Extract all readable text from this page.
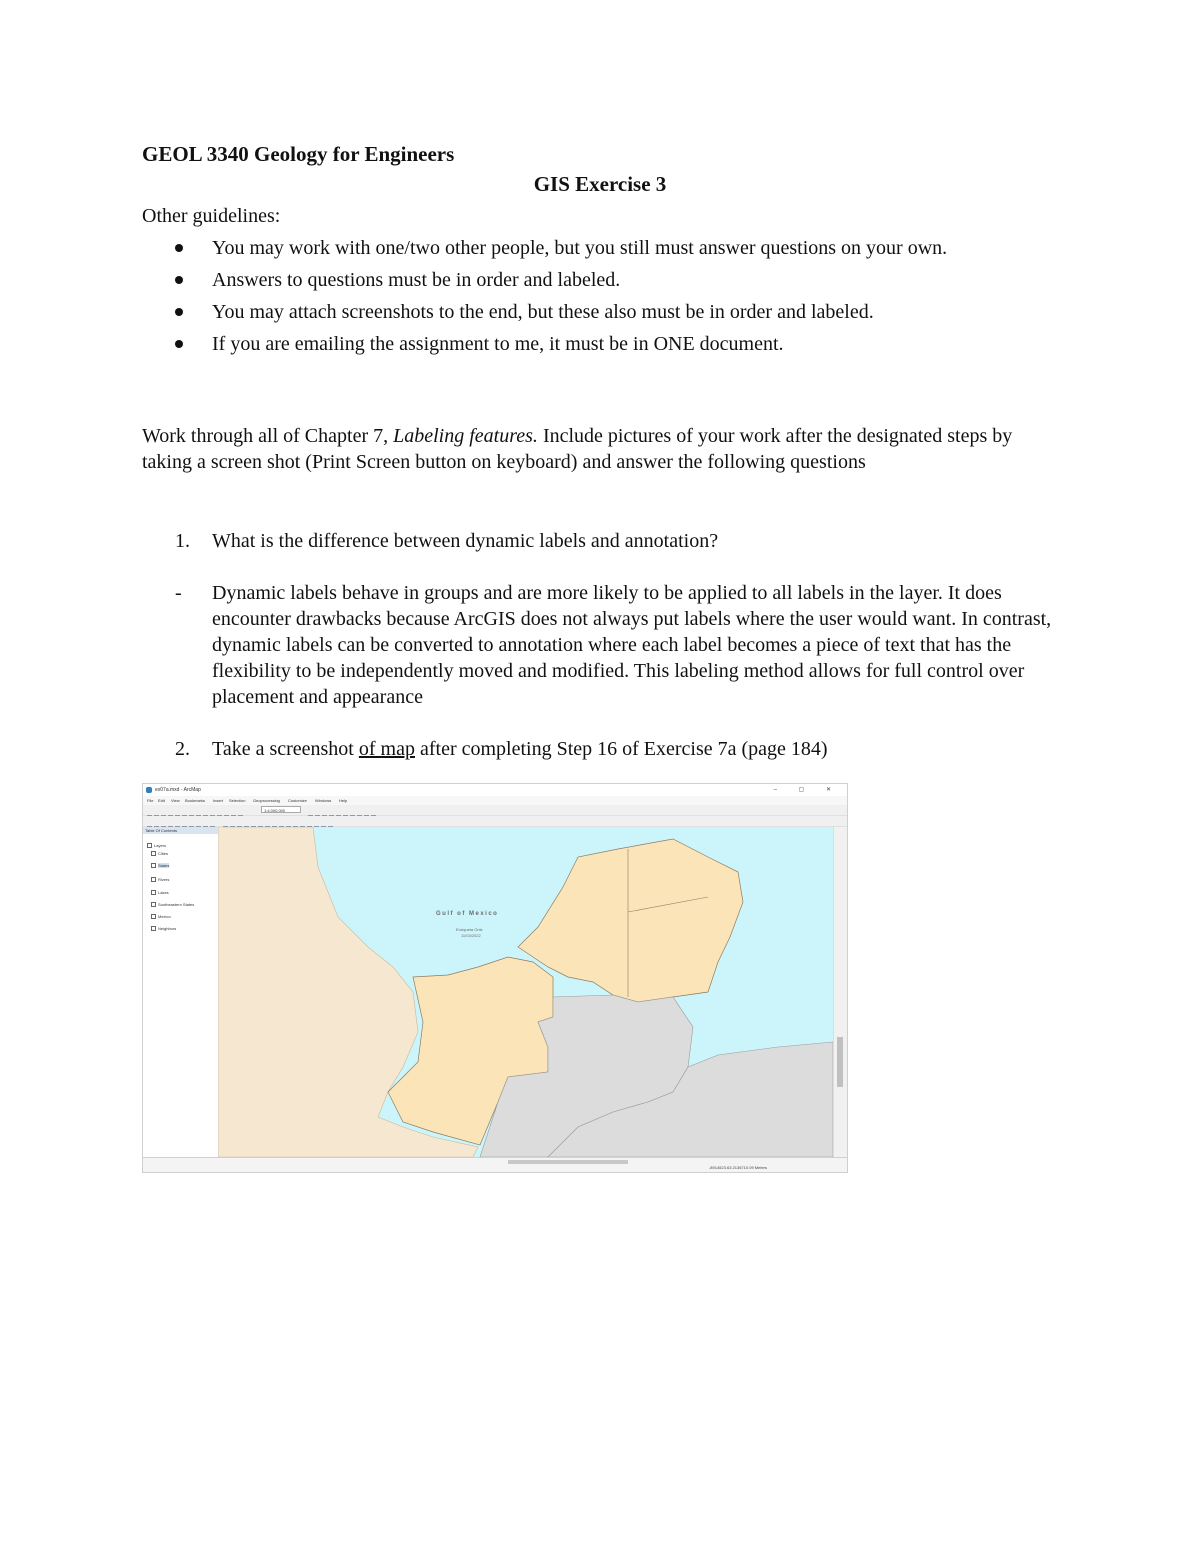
GEOL 3340 Geology for Engineers
GIS Exercise 3
Other guidelines:
You may work with one/two other people, but you still must answer questions on your own.
Answers to questions must be in order and labeled.
You may attach screenshots to the end, but these also must be in order and labeled.
If you are emailing the assignment to me, it must be in ONE document.
Work through all of Chapter 7, Labeling features. Include pictures of your work after the designated steps by taking a screen shot (Print Screen button on keyboard) and answer the following questions
1. What is the difference between dynamic labels and annotation?
- Dynamic labels behave in groups and are more likely to be applied to all labels in the layer. It does encounter drawbacks because ArcGIS does not always put labels where the user would want. In contrast, dynamic labels can be converted to annotation where each label becomes a piece of text that has the flexibility to be independently moved and modified. This labeling method allows for full control over placement and appearance
2. Take a screenshot of map after completing Step 16 of Exercise 7a (page 184)
ex07a.mxd - ArcMap	– ▢ ✕
File Edit View Bookmarks Insert Selection Geoprocessing Customize Windows Help
1:4,000,000
Table Of Contents
Layers
Cities
States
Rivers
Lakes
Southeastern States
Mexico
Neighbors
Gulf of Mexico
Enriqueta Ortiz
11/03/2022
-8914523.63 2136710.09 Meters
